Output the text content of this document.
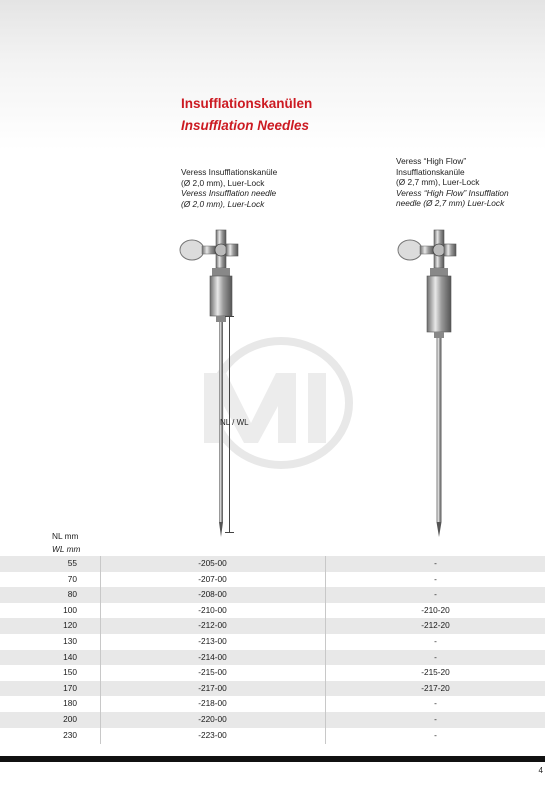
Insufflationskanülen
Insufflation Needles
Veress Insufflationskanüle
(Ø 2,0 mm), Luer-Lock
Veress Insufflation needle
(Ø 2,0 mm), Luer-Lock
Veress “High Flow”
Insufflationskanüle
(Ø 2,7 mm), Luer-Lock
Veress “High Flow” Insufflation
needle (Ø 2,7 mm) Luer-Lock
NL / WL
NL mm
WL mm
55	-205-00	-
70	-207-00	-
80	-208-00	-
100	-210-00	-210-20
120	-212-00	-212-20
130	-213-00	-
140	-214-00	-
150	-215-00	-215-20
170	-217-00	-217-20
180	-218-00	-
200	-220-00	-
230	-223-00	-
4
